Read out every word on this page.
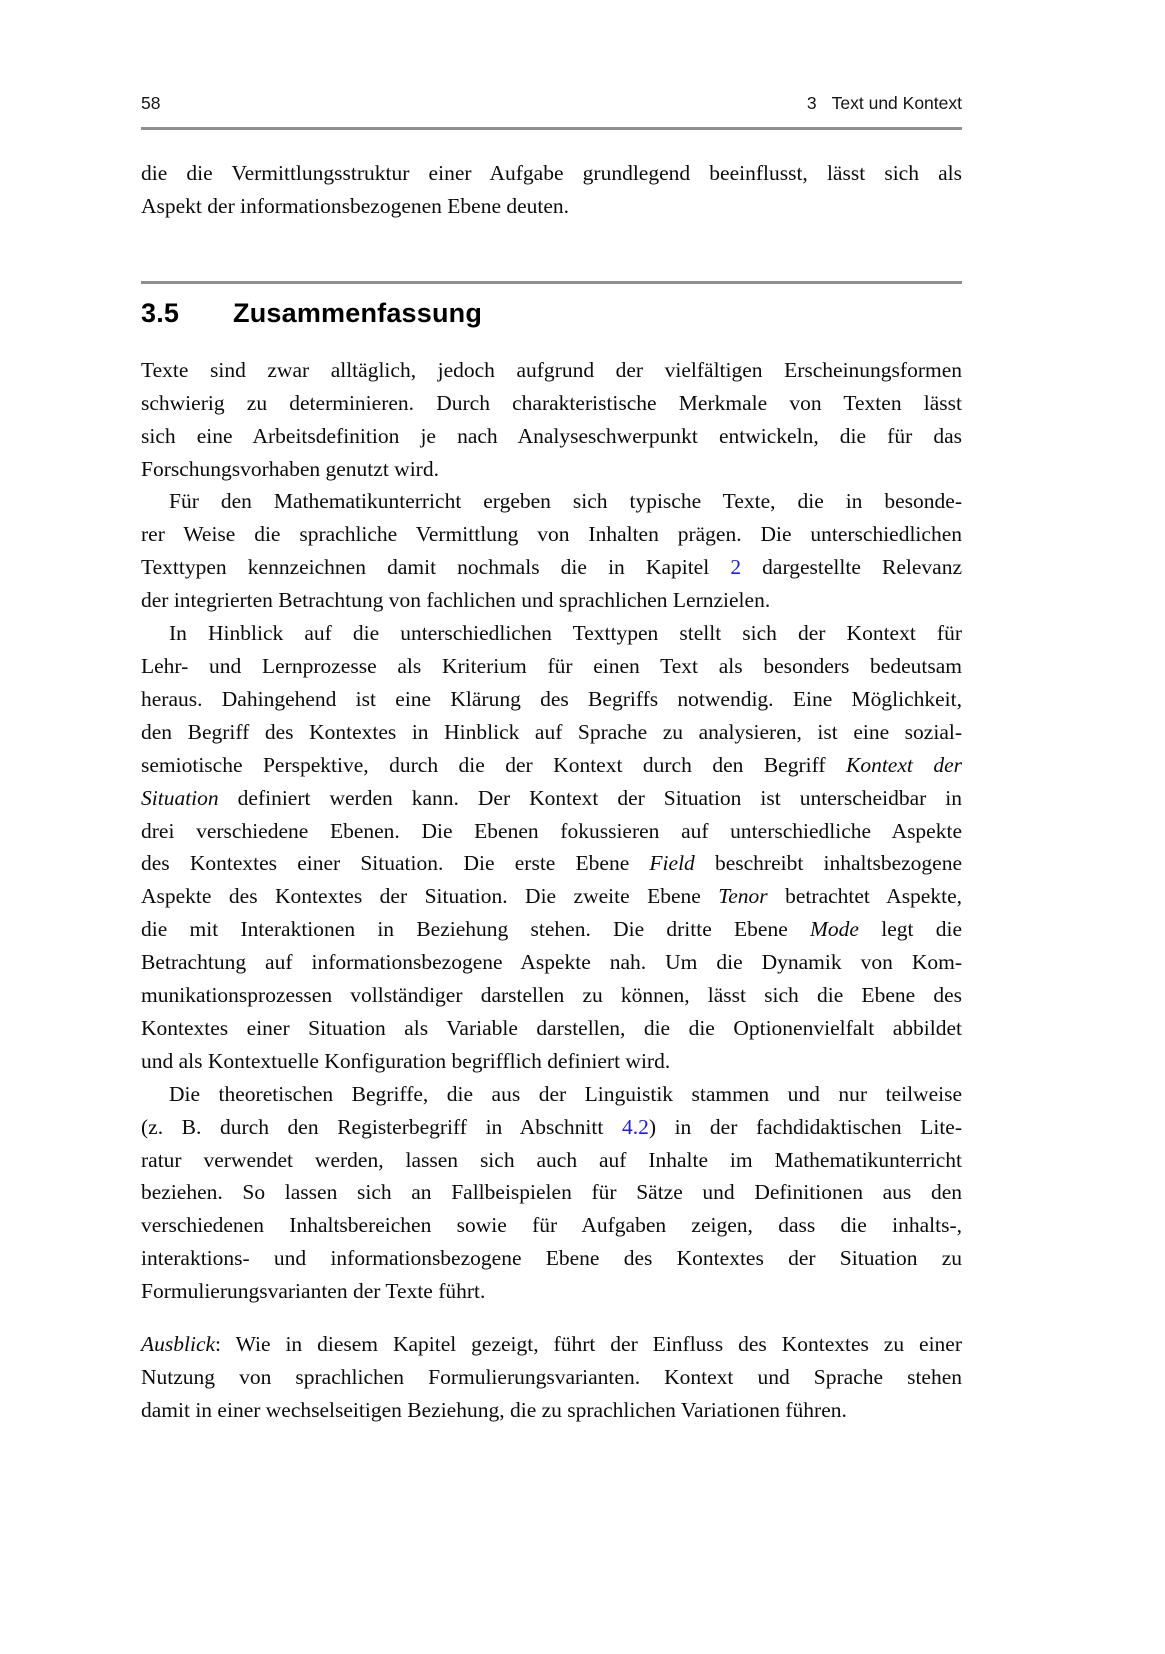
58	3 Text und Kontext
die die Vermittlungsstruktur einer Aufgabe grundlegend beeinflusst, lässt sich als
Aspekt der informationsbezogenen Ebene deuten.
3.5 Zusammenfassung
Texte sind zwar alltäglich, jedoch aufgrund der vielfältigen Erscheinungsformen
schwierig zu determinieren. Durch charakteristische Merkmale von Texten lässt
sich eine Arbeitsdefinition je nach Analyseschwerpunkt entwickeln, die für das
Forschungsvorhaben genutzt wird.
Für den Mathematikunterricht ergeben sich typische Texte, die in besonde-
rer Weise die sprachliche Vermittlung von Inhalten prägen. Die unterschiedlichen
Texttypen kennzeichnen damit nochmals die in Kapitel 2 dargestellte Relevanz
der integrierten Betrachtung von fachlichen und sprachlichen Lernzielen.
In Hinblick auf die unterschiedlichen Texttypen stellt sich der Kontext für
Lehr- und Lernprozesse als Kriterium für einen Text als besonders bedeutsam
heraus. Dahingehend ist eine Klärung des Begriffs notwendig. Eine Möglichkeit,
den Begriff des Kontextes in Hinblick auf Sprache zu analysieren, ist eine sozial-
semiotische Perspektive, durch die der Kontext durch den Begriff Kontext der
Situation definiert werden kann. Der Kontext der Situation ist unterscheidbar in
drei verschiedene Ebenen. Die Ebenen fokussieren auf unterschiedliche Aspekte
des Kontextes einer Situation. Die erste Ebene Field beschreibt inhaltsbezogene
Aspekte des Kontextes der Situation. Die zweite Ebene Tenor betrachtet Aspekte,
die mit Interaktionen in Beziehung stehen. Die dritte Ebene Mode legt die
Betrachtung auf informationsbezogene Aspekte nah. Um die Dynamik von Kom-
munikationsprozessen vollständiger darstellen zu können, lässt sich die Ebene des
Kontextes einer Situation als Variable darstellen, die die Optionenvielfalt abbildet
und als Kontextuelle Konfiguration begrifflich definiert wird.
Die theoretischen Begriffe, die aus der Linguistik stammen und nur teilweise
(z. B. durch den Registerbegriff in Abschnitt 4.2) in der fachdidaktischen Lite-
ratur verwendet werden, lassen sich auch auf Inhalte im Mathematikunterricht
beziehen. So lassen sich an Fallbeispielen für Sätze und Definitionen aus den
verschiedenen Inhaltsbereichen sowie für Aufgaben zeigen, dass die inhalts-,
interaktions- und informationsbezogene Ebene des Kontextes der Situation zu
Formulierungsvarianten der Texte führt.
Ausblick: Wie in diesem Kapitel gezeigt, führt der Einfluss des Kontextes zu einer
Nutzung von sprachlichen Formulierungsvarianten. Kontext und Sprache stehen
damit in einer wechselseitigen Beziehung, die zu sprachlichen Variationen führen.
